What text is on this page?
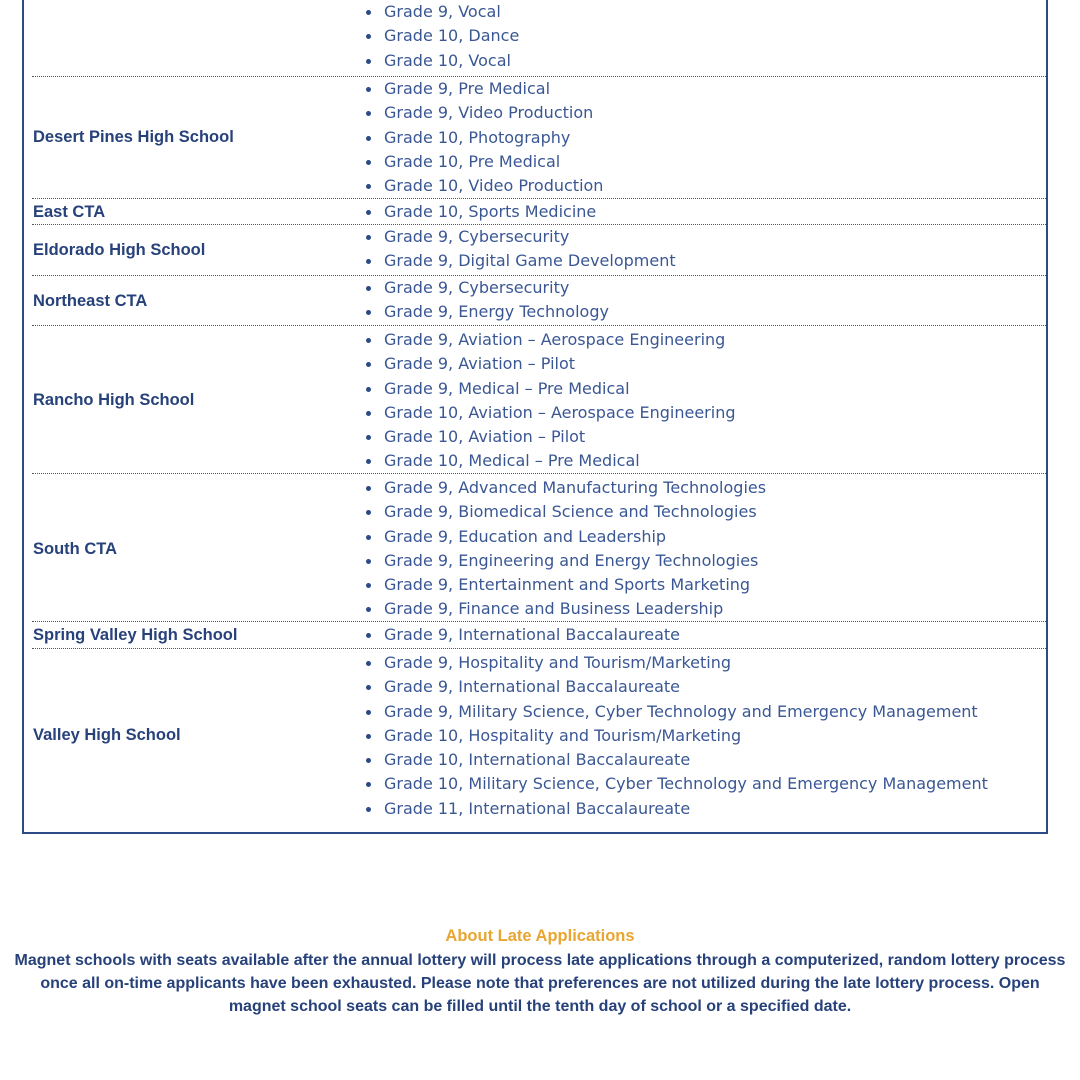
Grade 9, Vocal
Grade 10, Dance
Grade 10, Vocal
Desert Pines High School
Grade 9, Pre Medical
Grade 9, Video Production
Grade 10, Photography
Grade 10, Pre Medical
Grade 10, Video Production
East CTA	Grade 10, Sports Medicine
Eldorado High School
Grade 9, Cybersecurity
Grade 9, Digital Game Development
Northeast CTA
Grade 9, Cybersecurity
Grade 9, Energy Technology
Rancho High School
Grade 9, Aviation – Aerospace Engineering
Grade 9, Aviation – Pilot
Grade 9, Medical – Pre Medical
Grade 10, Aviation – Aerospace Engineering
Grade 10, Aviation – Pilot
Grade 10, Medical – Pre Medical
South CTA
Grade 9, Advanced Manufacturing Technologies
Grade 9, Biomedical Science and Technologies
Grade 9, Education and Leadership
Grade 9, Engineering and Energy Technologies
Grade 9, Entertainment and Sports Marketing
Grade 9, Finance and Business Leadership
Spring Valley High School	Grade 9, International Baccalaureate
Valley High School
Grade 9, Hospitality and Tourism/Marketing
Grade 9, International Baccalaureate
Grade 9, Military Science, Cyber Technology and Emergency Management
Grade 10, Hospitality and Tourism/Marketing
Grade 10, International Baccalaureate
Grade 10, Military Science, Cyber Technology and Emergency Management
Grade 11, International Baccalaureate
About Late Applications
Magnet schools with seats available after the annual lottery will process late applications through a computerized, random lottery process once all on-time applicants have been exhausted. Please note that preferences are not utilized during the late lottery process. Open magnet school seats can be filled until the tenth day of school or a specified date.
